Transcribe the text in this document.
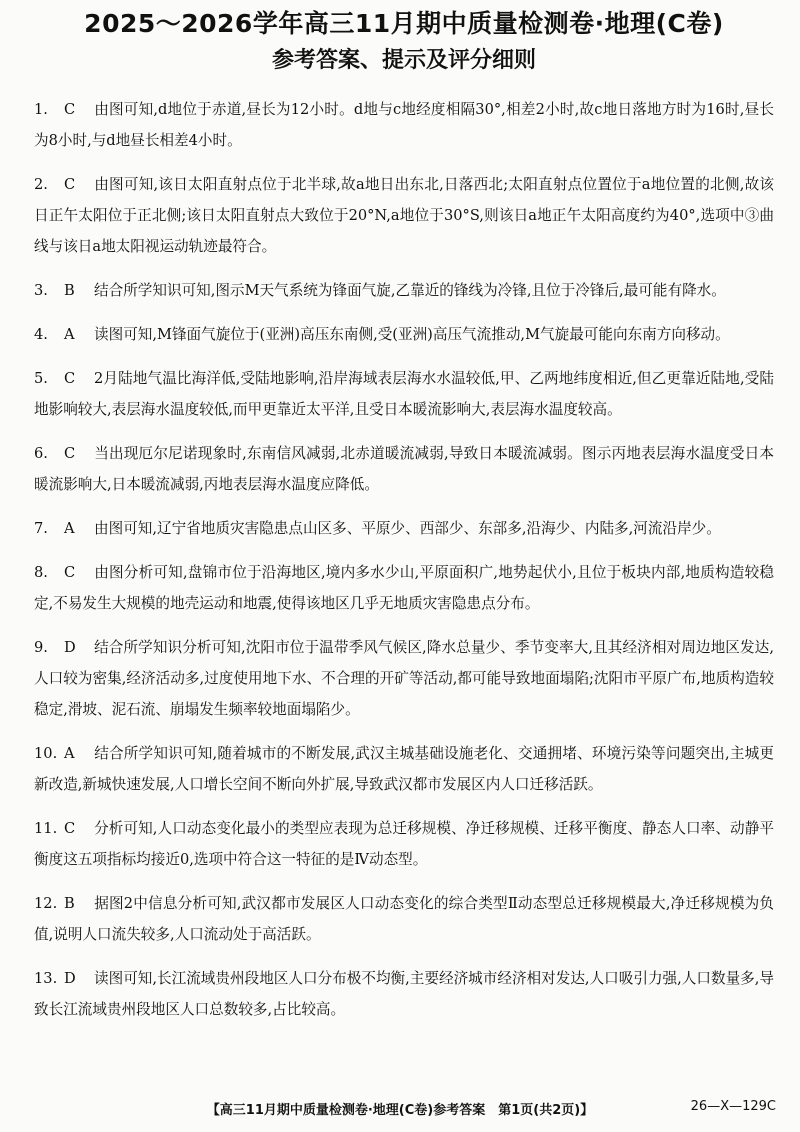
2025～2026学年高三11月期中质量检测卷·地理(C卷)
参考答案、提示及评分细则
1. C 由图可知,d地位于赤道,昼长为12小时。d地与c地经度相隔30°,相差2小时,故c地日落地方时为16时,昼长为8小时,与d地昼长相差4小时。
2. C 由图可知,该日太阳直射点位于北半球,故a地日出东北,日落西北;太阳直射点位置位于a地位置的北侧,故该日正午太阳位于正北侧;该日太阳直射点大致位于20°N,a地位于30°S,则该日a地正午太阳高度约为40°,选项中③曲线与该日a地太阳视运动轨迹最符合。
3. B 结合所学知识可知,图示M天气系统为锋面气旋,乙靠近的锋线为冷锋,且位于冷锋后,最可能有降水。
4. A 读图可知,M锋面气旋位于(亚洲)高压东南侧,受(亚洲)高压气流推动,M气旋最可能向东南方向移动。
5. C 2月陆地气温比海洋低,受陆地影响,沿岸海域表层海水水温较低,甲、乙两地纬度相近,但乙更靠近陆地,受陆地影响较大,表层海水温度较低,而甲更靠近太平洋,且受日本暖流影响大,表层海水温度较高。
6. C 当出现厄尔尼诺现象时,东南信风减弱,北赤道暖流减弱,导致日本暖流减弱。图示丙地表层海水温度受日本暖流影响大,日本暖流减弱,丙地表层海水温度应降低。
7. A 由图可知,辽宁省地质灾害隐患点山区多、平原少、西部少、东部多,沿海少、内陆多,河流沿岸少。
8. C 由图分析可知,盘锦市位于沿海地区,境内多水少山,平原面积广,地势起伏小,且位于板块内部,地质构造较稳定,不易发生大规模的地壳运动和地震,使得该地区几乎无地质灾害隐患点分布。
9. D 结合所学知识分析可知,沈阳市位于温带季风气候区,降水总量少、季节变率大,且其经济相对周边地区发达,人口较为密集,经济活动多,过度使用地下水、不合理的开矿等活动,都可能导致地面塌陷;沈阳市平原广布,地质构造较稳定,滑坡、泥石流、崩塌发生频率较地面塌陷少。
10. A 结合所学知识可知,随着城市的不断发展,武汉主城基础设施老化、交通拥堵、环境污染等问题突出,主城更新改造,新城快速发展,人口增长空间不断向外扩展,导致武汉都市发展区内人口迁移活跃。
11. C 分析可知,人口动态变化最小的类型应表现为总迁移规模、净迁移规模、迁移平衡度、静态人口率、动静平衡度这五项指标均接近0,选项中符合这一特征的是Ⅳ动态型。
12. B 据图2中信息分析可知,武汉都市发展区人口动态变化的综合类型Ⅱ动态型总迁移规模最大,净迁移规模为负值,说明人口流失较多,人口流动处于高活跃。
13. D 读图可知,长江流域贵州段地区人口分布极不均衡,主要经济城市经济相对发达,人口吸引力强,人口数量多,导致长江流域贵州段地区人口总数较多,占比较高。
【高三11月期中质量检测卷·地理(C卷)参考答案　第1页(共2页)】	26—X—129C
